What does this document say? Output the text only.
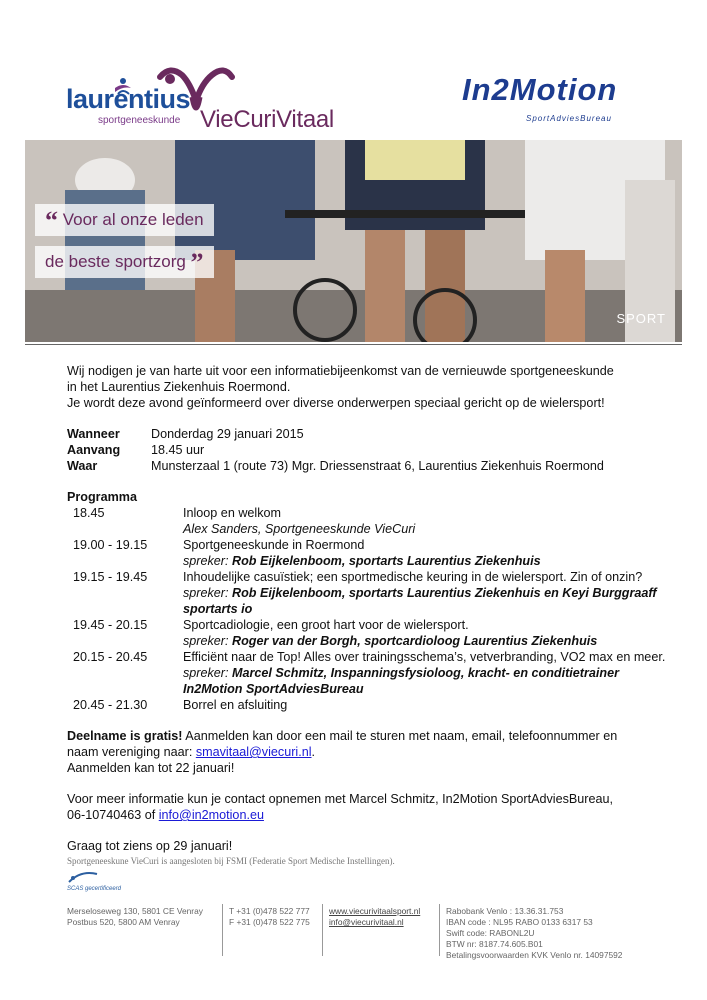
laurentius
sportgeneeskunde VieCuriVitaal
In2Motion
SportAdviesBureau
“ Voor al onze leden
de beste sportzorg ”
SPORT
Wij nodigen je van harte uit voor een informatiebijeenkomst van de vernieuwde sportgeneeskunde
in het Laurentius Ziekenhuis Roermond.
Je wordt deze avond geïnformeerd over diverse onderwerpen speciaal gericht op de wielersport!
Wanneer Donderdag 29 januari 2015
Aanvang 18.45 uur
Waar	Munsterzaal 1 (route 73) Mgr. Driessenstraat 6, Laurentius Ziekenhuis Roermond
Programma
18.45	Inloop en welkom
Alex Sanders, Sportgeneeskunde VieCuri
19.00 - 19.15	Sportgeneeskunde in Roermond
spreker: Rob Eijkelenboom, sportarts Laurentius Ziekenhuis
19.15 - 19.45	Inhoudelijke casuïstiek; een sportmedische keuring in de wielersport. Zin of onzin?
spreker: Rob Eijkelenboom, sportarts Laurentius Ziekenhuis en Keyi Burggraaff
sportarts io
19.45 - 20.15	Sportcadiologie, een groot hart voor de wielersport.
spreker: Roger van der Borgh, sportcardioloog Laurentius Ziekenhuis
20.15 - 20.45	Efficiënt naar de Top! Alles over trainingsschema’s, vetverbranding, VO2 max en meer.
spreker: Marcel Schmitz, Inspanningsfysioloog, kracht- en conditietrainer
In2Motion SportAdviesBureau
20.45 - 21.30	Borrel en afsluiting
Deelname is gratis! Aanmelden kan door een mail te sturen met naam, email, telefoonnummer en
naam vereniging naar: smavitaal@viecuri.nl.
Aanmelden kan tot 22 januari!
Voor meer informatie kun je contact opnemen met Marcel Schmitz, In2Motion SportAdviesBureau,
06-10740463 of info@in2motion.eu
Graag tot ziens op 29 januari!
Sportgeneeskune VieCuri is aangesloten bij FSMI (Federatie Sport Medische Instellingen).
SCAS gecertificeerd
Merseloseweg 130, 5801 CE Venray
Postbus 520, 5800 AM Venray
T +31 (0)478 522 777
F +31 (0)478 522 775
www.viecurivitaalsport.nl
info@viecurivitaal.nl
Rabobank Venlo : 13.36.31.753
IBAN code : NL95 RABO 0133 6317 53
Swift code: RABONL2U
BTW nr: 8187.74.605.B01
Betalingsvoorwaarden KVK Venlo nr. 14097592
